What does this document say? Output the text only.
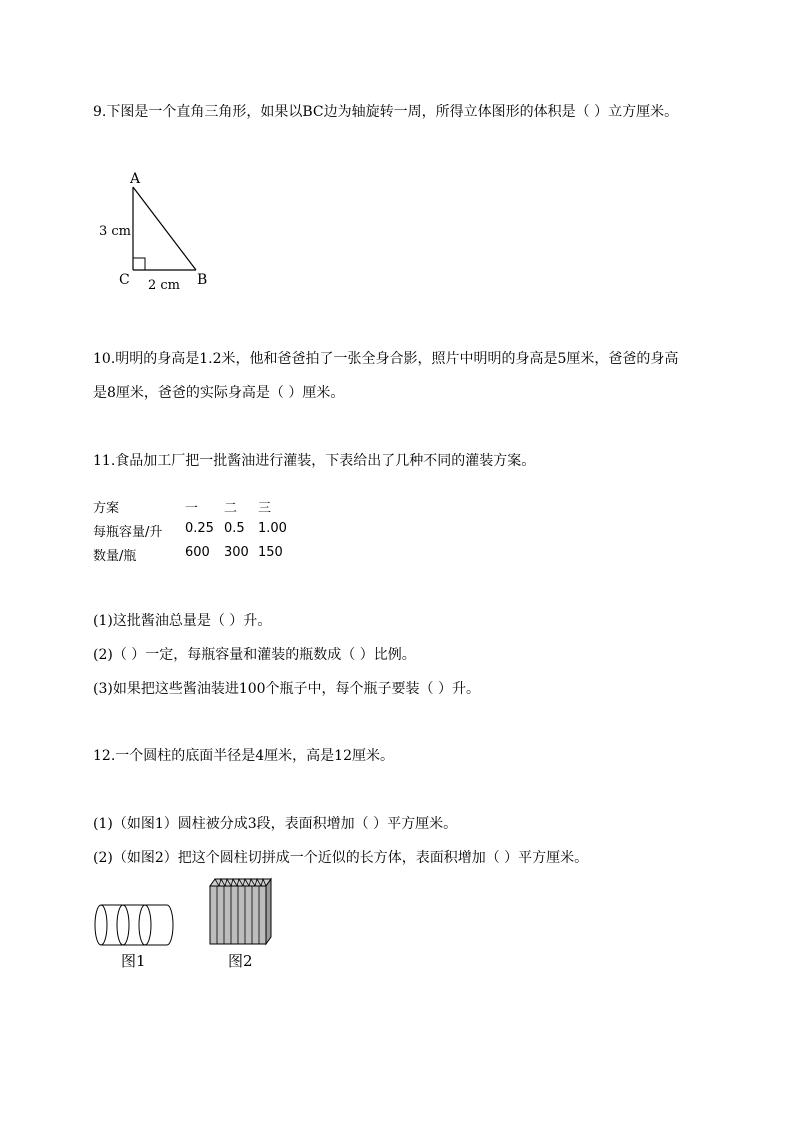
9.下图是一个直角三角形，如果以BC边为轴旋转一周，所得立体图形的体积是（ ）立方厘米。
A
B
C
3 cm
2 cm
10.明明的身高是1.2米，他和爸爸拍了一张全身合影，照片中明明的身高是5厘米，爸爸的身高
是8厘米，爸爸的实际身高是（ ）厘米。
11.食品加工厂把一批酱油进行灌装，下表给出了几种不同的灌装方案。
方案	一	二	三
每瓶容量/升	0.25 0.5	1.00
数量/瓶	600	300 150
(1)这批酱油总量是（ ）升。
(2)（ ）一定，每瓶容量和灌装的瓶数成（ ）比例。
(3)如果把这些酱油装进100个瓶子中，每个瓶子要装（ ）升。
12.一个圆柱的底面半径是4厘米，高是12厘米。
(1)（如图1）圆柱被分成3段，表面积增加（ ）平方厘米。
(2)（如图2）把这个圆柱切拼成一个近似的长方体，表面积增加（ ）平方厘米。
图1	图2
